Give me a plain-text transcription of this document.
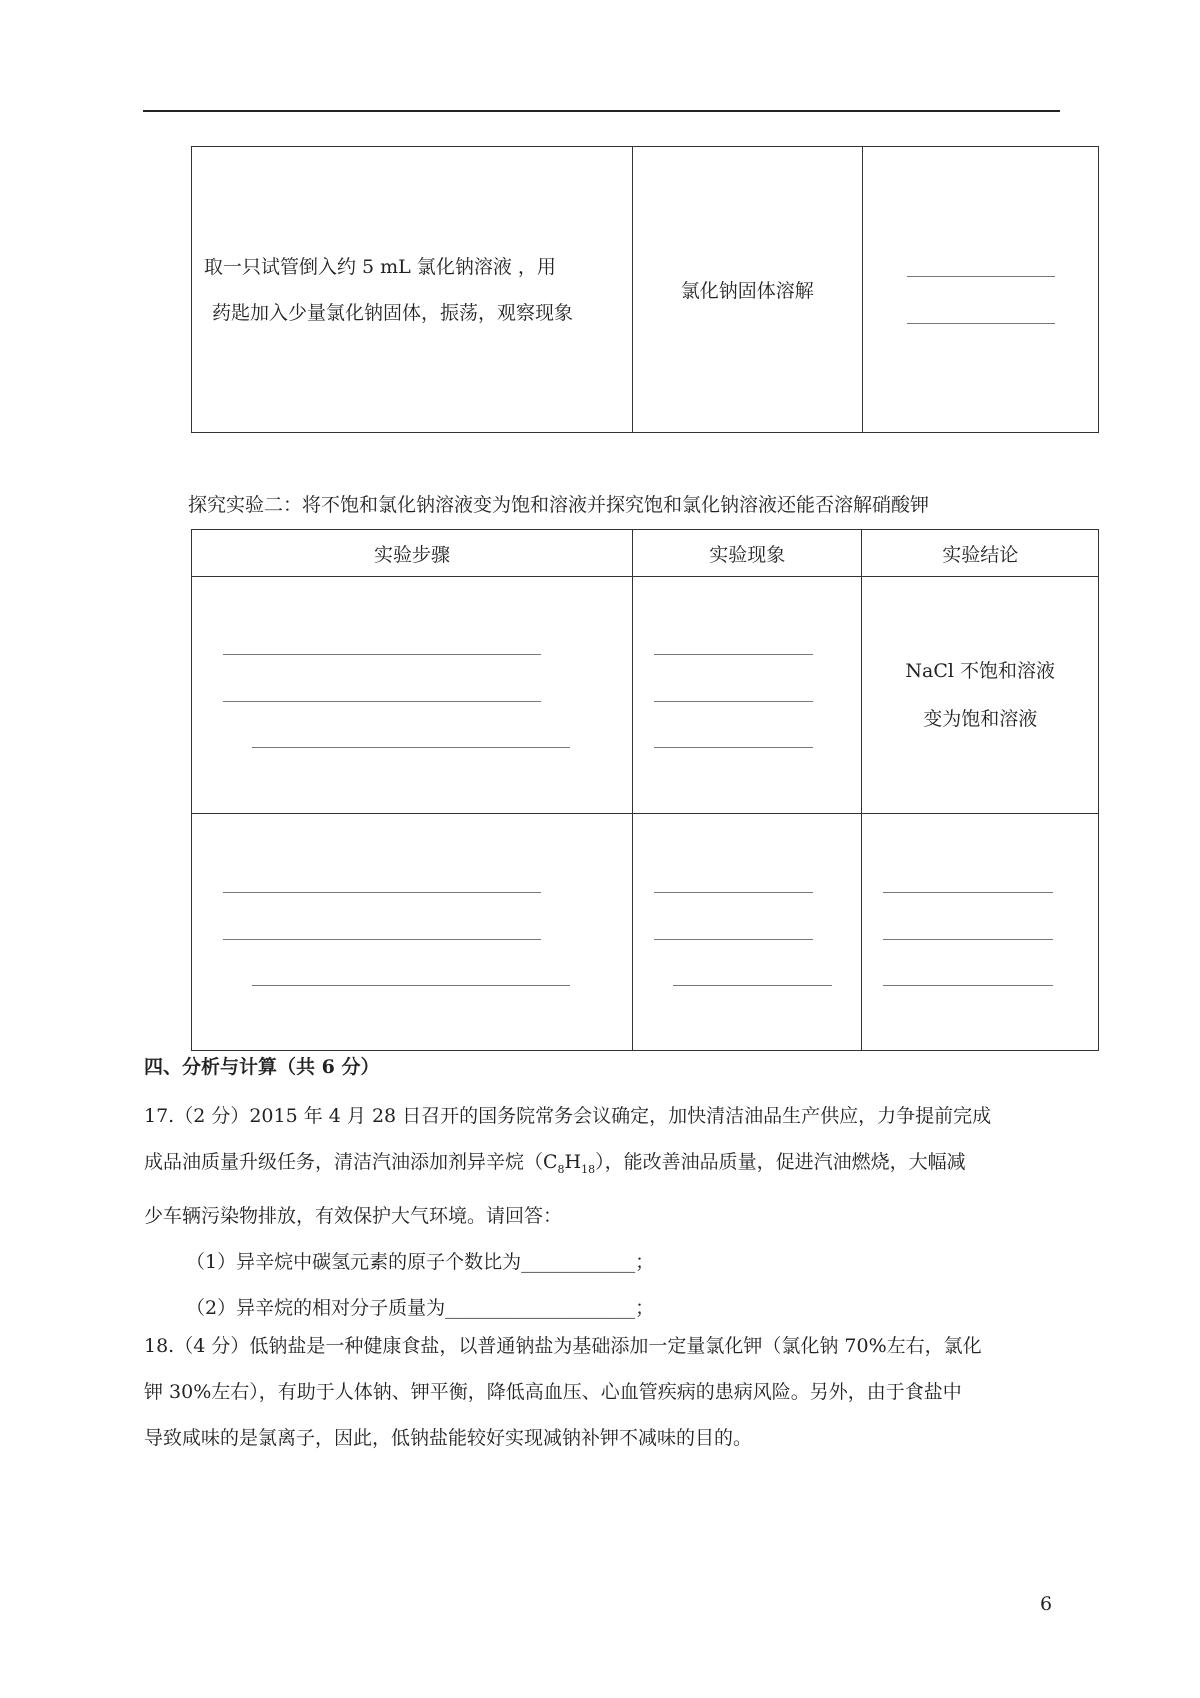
取一只试管倒入约 5 mL 氯化钠溶液 ，用
药匙加入少量氯化钠固体，振荡，观察现象
	氯化钠固体溶解	
探究实验二：将不饱和氯化钠溶液变为饱和溶液并探究饱和氯化钠溶液还能否溶解硝酸钾
实验步骤	实验现象	实验结论

		NaCl 不饱和溶液
变为饱和溶液

四、分析与计算（共 6 分）
17.（2 分）2015 年 4 月 28 日召开的国务院常务会议确定，加快清洁油品生产供应，力争提前完成
成品油质量升级任务，清洁汽油添加剂异辛烷$(C_8H_{18})$，能改善油品质量，促进汽油燃烧，大幅减
少车辆污染物排放，有效保护大气环境。请回答：
（1）异辛烷中碳氢元素的原子个数比为____________；
（2）异辛烷的相对分子质量为____________________；
18.（4 分）低钠盐是一种健康食盐，以普通钠盐为基础添加一定量氯化钾（氯化钠 70%左右，氯化
钾 30%左右），有助于人体钠、钾平衡，降低高血压、心血管疾病的患病风险。另外，由于食盐中
导致咸味的是氯离子，因此，低钠盐能较好实现减钠补钾不减味的目的。
6
